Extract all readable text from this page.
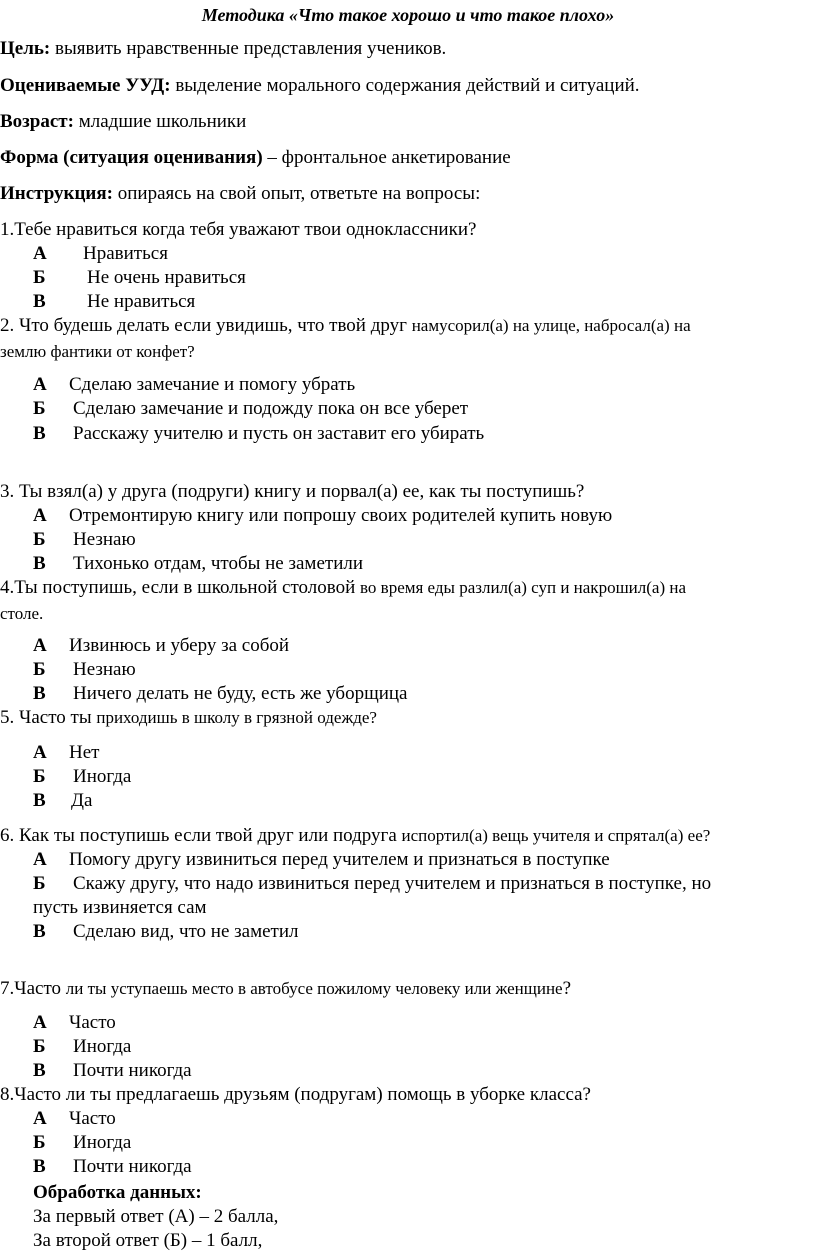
Методика «Что такое хорошо и что такое плохо»
Цель: выявить нравственные представления учеников.
Оцениваемые УУД: выделение морального содержания действий и ситуаций.
Возраст: младшие школьники
Форма (ситуация оценивания) – фронтальное анкетирование
Инструкция: опираясь на свой опыт, ответьте на вопросы:
1.Тебе нравиться когда тебя уважают твои одноклассники?
А Нравиться
Б Не очень нравиться
В Не нравиться
2. Что будешь делать если увидишь, что твой друг намусорил(а) на улице, набросал(а) на
землю фантики от конфет?
А Сделаю замечание и помогу убрать
Б Сделаю замечание и подожду пока он все уберет
В Расскажу учителю и пусть он заставит его убирать
3. Ты взял(а) у друга (подруги) книгу и порвал(а) ее, как ты поступишь?
А Отремонтирую книгу или попрошу своих родителей купить новую
Б Незнаю
В Тихонько отдам, чтобы не заметили
4.Ты поступишь, если в школьной столовой во время еды разлил(а) суп и накрошил(а) на
столе.
А Извинюсь и уберу за собой
Б Незнаю
В Ничего делать не буду, есть же уборщица
5. Часто ты приходишь в школу в грязной одежде?
А Нет
Б Иногда
В Да
6. Как ты поступишь если твой друг или подруга испортил(а) вещь учителя и спрятал(а) ее?
А Помогу другу извиниться перед учителем и признаться в поступке
Б Скажу другу, что надо извиниться перед учителем и признаться в поступке, но
пусть извиняется сам
В Сделаю вид, что не заметил
7.Часто ли ты уступаешь место в автобусе пожилому человеку или женщине?
А Часто
Б Иногда
В Почти никогда
8.Часто ли ты предлагаешь друзьям (подругам) помощь в уборке класса?
А Часто
Б Иногда
В Почти никогда
Обработка данных:
За первый ответ (А) – 2 балла,
За второй ответ (Б) – 1 балл,
